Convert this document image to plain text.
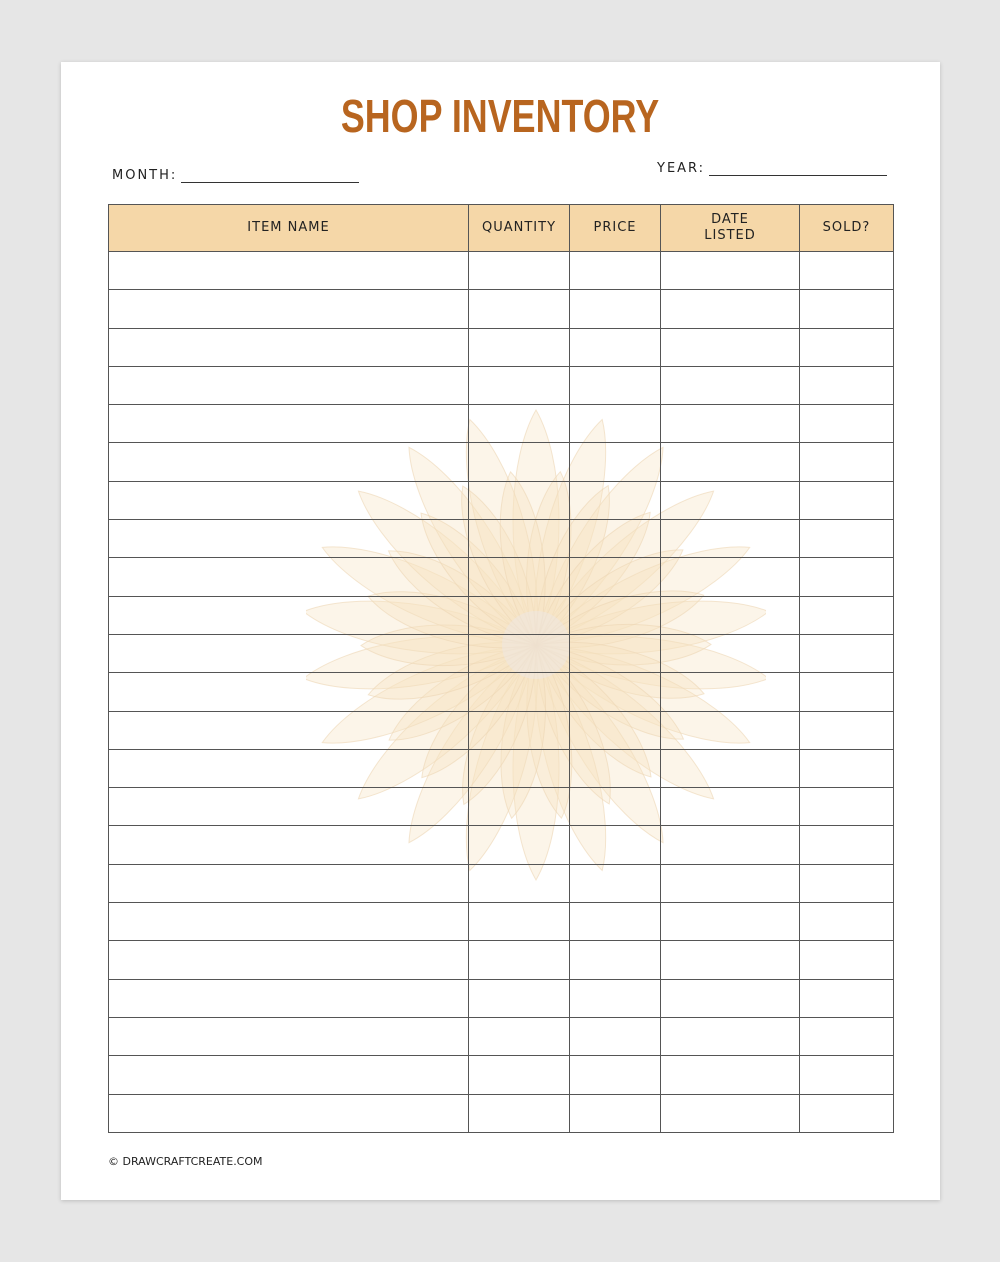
SHOP INVENTORY
MONTH:	YEAR:
ITEM NAME	QUANTITY	PRICE	DATE LISTED	SOLD?

© DRAWCRAFTCREATE.COM
